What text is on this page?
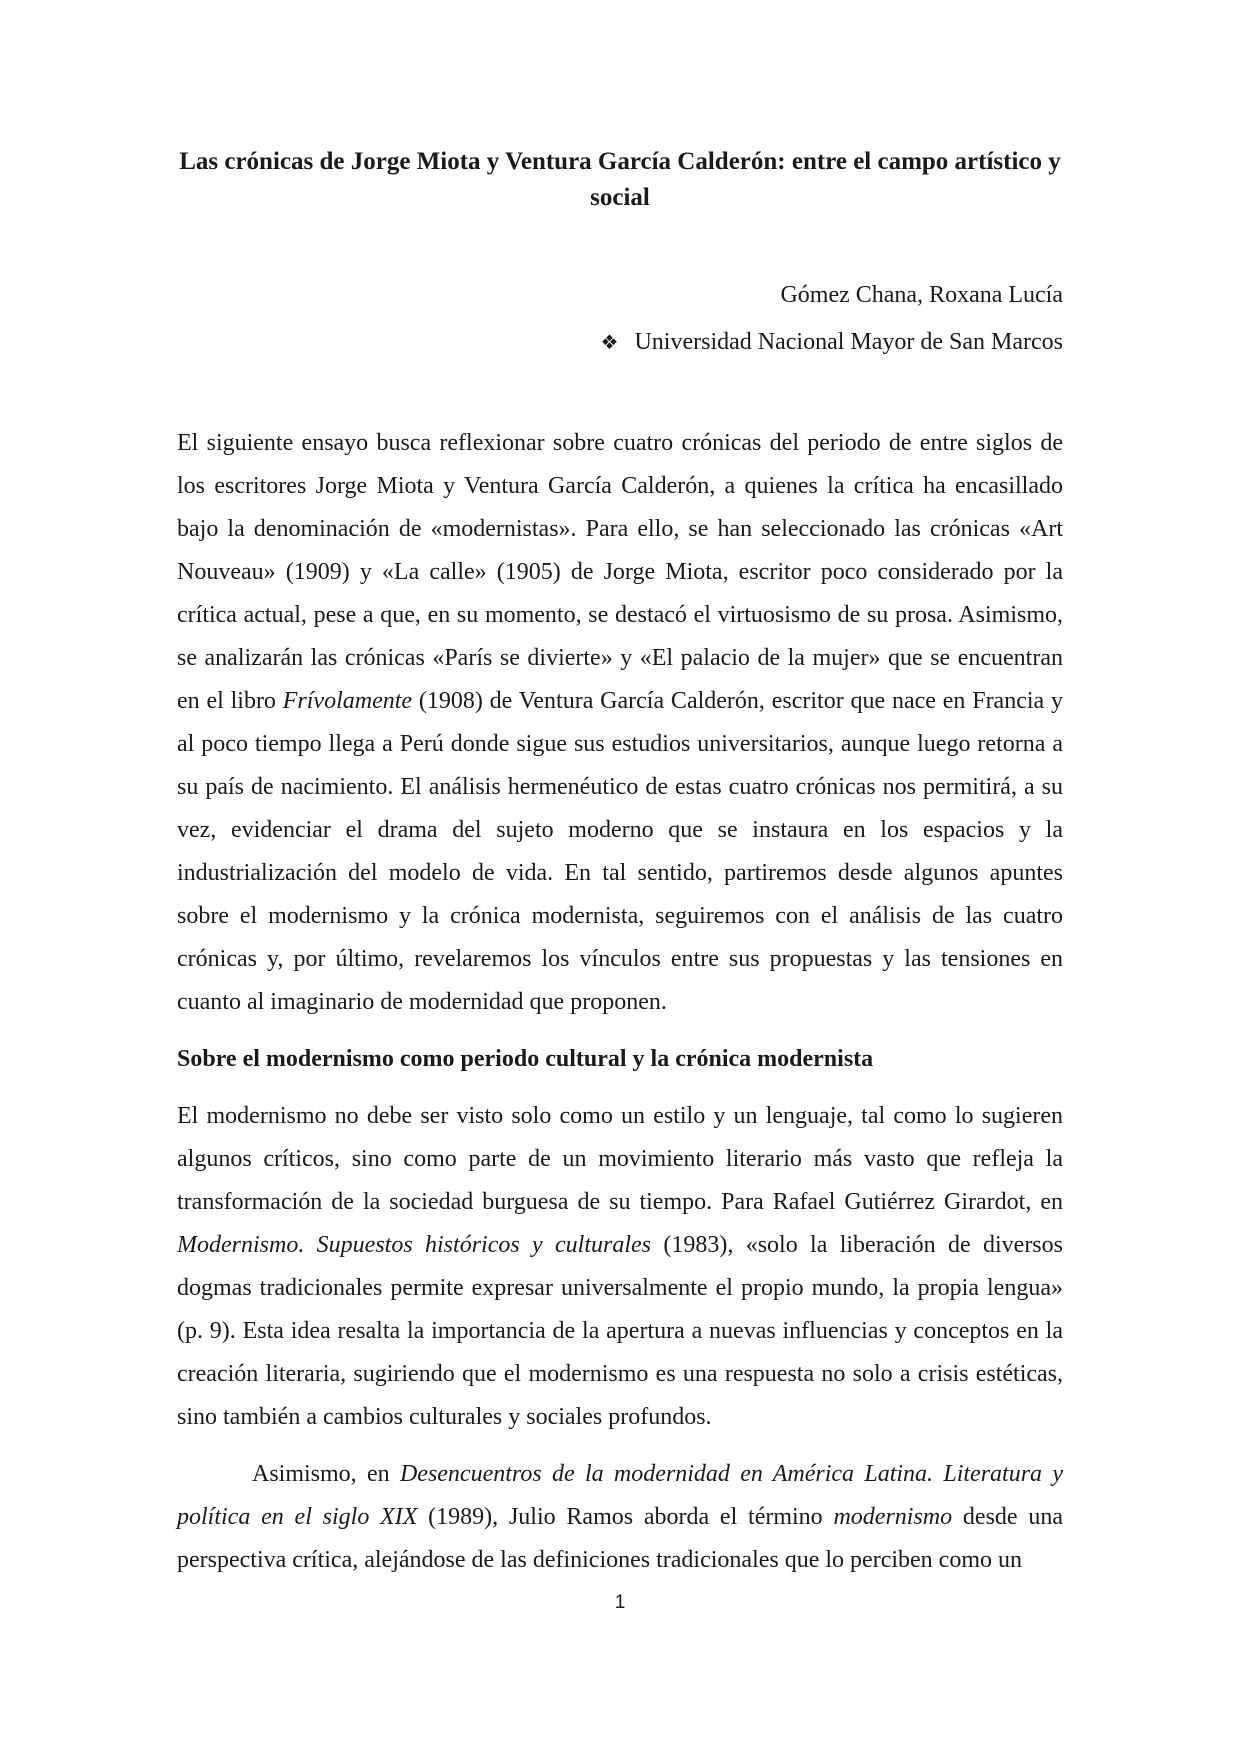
Las crónicas de Jorge Miota y Ventura García Calderón: entre el campo artístico y social
Gómez Chana, Roxana Lucía
❖ Universidad Nacional Mayor de San Marcos

El siguiente ensayo busca reflexionar sobre cuatro crónicas del periodo de entre siglos de los escritores Jorge Miota y Ventura García Calderón, a quienes la crítica ha encasillado bajo la denominación de «modernistas». Para ello, se han seleccionado las crónicas «Art Nouveau» (1909) y «La calle» (1905) de Jorge Miota, escritor poco considerado por la crítica actual, pese a que, en su momento, se destacó el virtuosismo de su prosa. Asimismo, se analizarán las crónicas «París se divierte» y «El palacio de la mujer» que se encuentran en el libro Frívolamente (1908) de Ventura García Calderón, escritor que nace en Francia y al poco tiempo llega a Perú donde sigue sus estudios universitarios, aunque luego retorna a su país de nacimiento. El análisis hermenéutico de estas cuatro crónicas nos permitirá, a su vez, evidenciar el drama del sujeto moderno que se instaura en los espacios y la industrialización del modelo de vida. En tal sentido, partiremos desde algunos apuntes sobre el modernismo y la crónica modernista, seguiremos con el análisis de las cuatro crónicas y, por último, revelaremos los vínculos entre sus propuestas y las tensiones en cuanto al imaginario de modernidad que proponen.

Sobre el modernismo como periodo cultural y la crónica modernista

El modernismo no debe ser visto solo como un estilo y un lenguaje, tal como lo sugieren algunos críticos, sino como parte de un movimiento literario más vasto que refleja la transformación de la sociedad burguesa de su tiempo. Para Rafael Gutiérrez Girardot, en Modernismo. Supuestos históricos y culturales (1983), «solo la liberación de diversos dogmas tradicionales permite expresar universalmente el propio mundo, la propia lengua» (p. 9). Esta idea resalta la importancia de la apertura a nuevas influencias y conceptos en la creación literaria, sugiriendo que el modernismo es una respuesta no solo a crisis estéticas, sino también a cambios culturales y sociales profundos.

Asimismo, en Desencuentros de la modernidad en América Latina. Literatura y política en el siglo XIX (1989), Julio Ramos aborda el término modernismo desde una perspectiva crítica, alejándose de las definiciones tradicionales que lo perciben como un

1
